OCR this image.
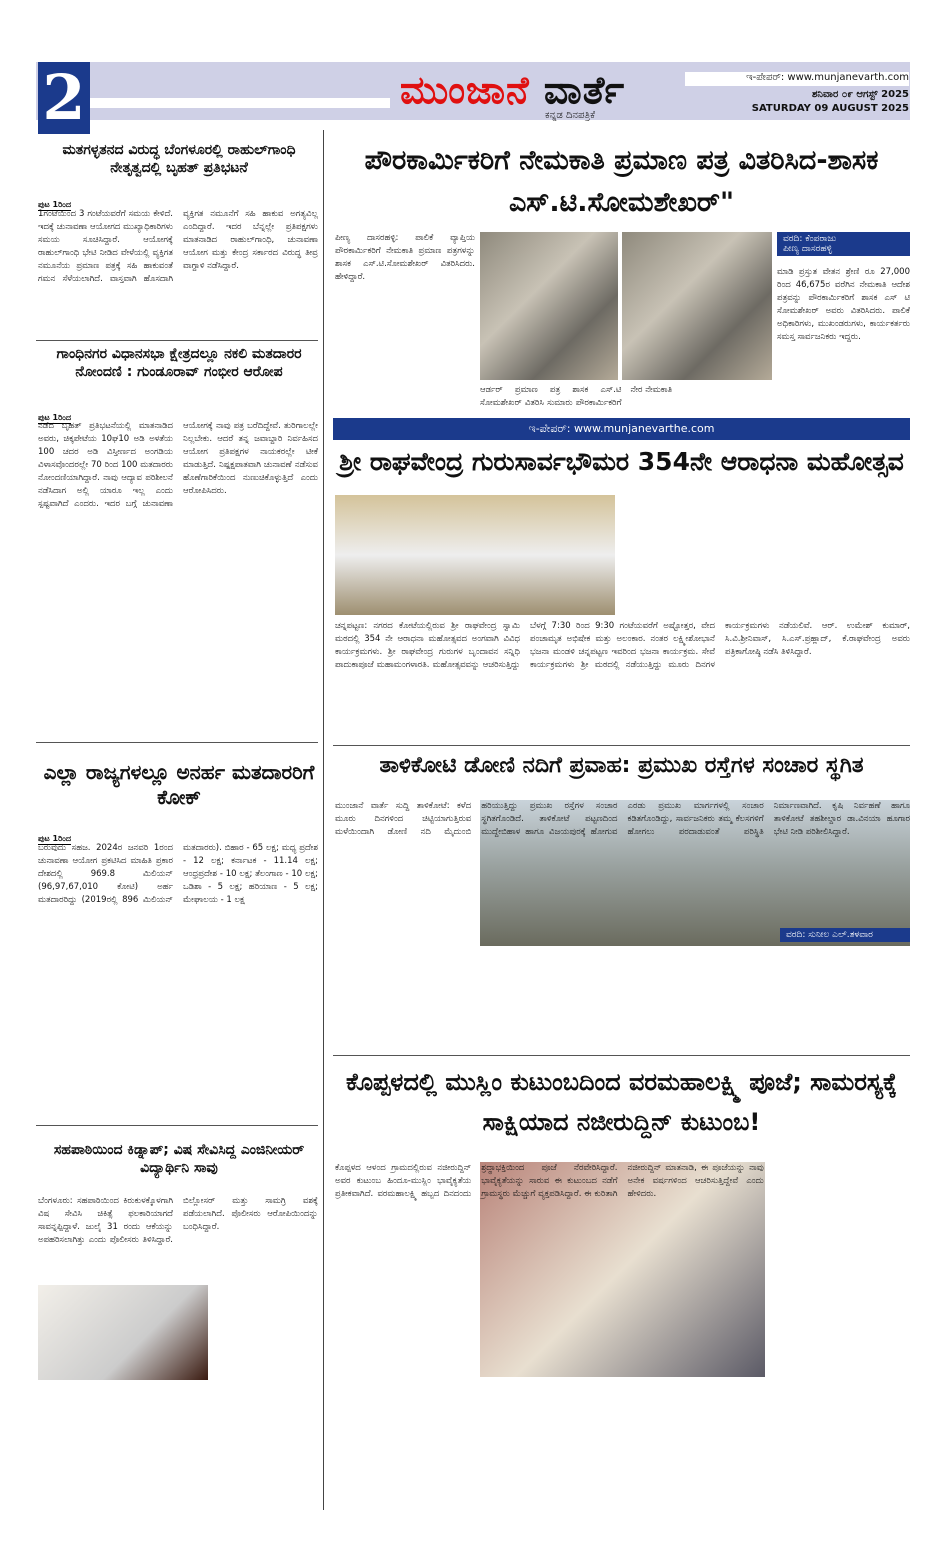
2	ಮುಂಜಾನೆ ವಾರ್ತೆ
ಕನ್ನಡ ದಿನಪತ್ರಿಕೆ
ಇ-ಪೇಪರ್: www.munjanevarth.com
ಶನಿವಾರ ೦೯ ಆಗಸ್ಟ್ 2025
SATURDAY 09 AUGUST 2025
ಮತಗಳ್ಳತನದ ವಿರುದ್ಧ ಬೆಂಗಳೂರಲ್ಲಿ ರಾಹುಲ್‌ಗಾಂಧಿ ನೇತೃತ್ವದಲ್ಲಿ ಬೃಹತ್ ಪ್ರತಿಭಟನೆ
ಪುಟ 1ರಿಂದ
1ಗಂಟೆಯಿಂದ 3 ಗಂಟೆಯವರೆಗೆ ಸಮಯ ಕೇಳಿದೆ. ಇದಕ್ಕೆ ಚುನಾವಣಾ ಆಯೋಗದ ಮುಖ್ಯಾಧಿಕಾರಿಗಳು ಸಮಯ ಸೂಚಿಸಿದ್ದಾರೆ. ಆಯೋಗಕ್ಕೆ ರಾಹುಲ್‌ಗಾಂಧಿ ಭೇಟಿ ನೀಡಿದ ವೇಳೆಯಲ್ಲಿ ವ್ಯಕ್ತಿಗತ ನಮೂನೆಯ ಪ್ರಮಾಣ ಪತ್ರಕ್ಕೆ ಸಹಿ ಹಾಕುವಂತೆ ಗಮನ ಸೆಳೆಯಲಾಗಿದೆ. ವಾಸ್ತವಾಗಿ ಹೊಸದಾಗಿ ವ್ಯಕ್ತಿಗತ ನಮೂನೆಗೆ ಸಹಿ ಹಾಕುವ ಅಗತ್ಯವಿಲ್ಲ ಎಂದಿದ್ದಾರೆ. ಇದರ ಬೆನ್ನಲ್ಲೇ ಪ್ರತಿಪಕ್ಷಗಳು ಮಾತನಾಡಿದ ರಾಹುಲ್‌ಗಾಂಧಿ, ಚುನಾವಣಾ ಆಯೋಗ ಮತ್ತು ಕೇಂದ್ರ ಸರ್ಕಾರದ ವಿರುದ್ಧ ತೀವ್ರ ವಾಗ್ದಾಳಿ ನಡೆಸಿದ್ದಾರೆ.
ಗಾಂಧಿನಗರ ವಿಧಾನಸಭಾ ಕ್ಷೇತ್ರದಲ್ಲೂ ನಕಲಿ ಮತದಾರರ ನೋಂದಣಿ : ಗುಂಡೂರಾವ್ ಗಂಭೀರ ಆರೋಪ
ಪುಟ 1ರಿಂದ
ನಡೆದ ಬೃಹತ್ ಪ್ರತಿಭಟನೆಯಲ್ಲಿ ಮಾತನಾಡಿದ ಅವರು, ಚಿಕ್ಕಪೇಟೆಯ 10ಘ10 ಅಡಿ ಅಳತೆಯ 100 ಚದರ ಅಡಿ ವಿಸ್ತೀರ್ಣದ ಅಂಗಡಿಯ ವಿಳಾಸವೊಂದರಲ್ಲೇ 70 ರಿಂದ 100 ಮತದಾರರು ನೋಂದಣಿಯಾಗಿದ್ದಾರೆ. ನಾವು ಆದ್ಯಾವ ಪರಿಶೀಲನೆ ನಡೆಸಿದಾಗ ಅಲ್ಲಿ ಯಾರೂ ಇಲ್ಲ ಎಂದು ಸ್ಪಷ್ಟವಾಗಿದೆ ಎಂದರು. ಇದರ ಬಗ್ಗೆ ಚುನಾವಣಾ ಆಯೋಗಕ್ಕೆ ನಾವು ಪತ್ರ ಬರೆದಿದ್ದೇವೆ. ತುರಿಗಾಲಲ್ಲೇ ನಿಲ್ಲಬೇಕು. ಆದರೆ ತನ್ನ ಜವಾಬ್ದಾರಿ ನಿರ್ವಹಿಸದ ಆಯೋಗ ಪ್ರತಿಪಕ್ಷಗಳ ನಾಯಕರಲ್ಲೇ ಟೀಕೆ ಮಾಡುತ್ತಿದೆ. ನಿಷ್ಪಕ್ಷಪಾತವಾಗಿ ಚುನಾವಣೆ ನಡೆಸುವ ಹೊಣೆಗಾರಿಕೆಯಿಂದ ನುಣುಚಿಕೊಳ್ಳುತ್ತಿದೆ ಎಂದು ಆರೋಪಿಸಿದರು.
ಎಲ್ಲಾ ರಾಜ್ಯಗಳಲ್ಲೂ ಅನರ್ಹ ಮತದಾರರಿಗೆ ಕೋಕ್
ಪುಟ 1ರಿಂದ
ಬರುವುದು ಸಹಜ. 2024ರ ಜನವರಿ 1ರಂದ ಚುನಾವಣಾ ಆಯೋಗ ಪ್ರಕಟಿಸಿದ ಮಾಹಿತಿ ಪ್ರಕಾರ ದೇಶದಲ್ಲಿ 969.8 ಮಿಲಿಯನ್ (96,97,67,010 ಕೋಟಿ) ಅರ್ಹ ಮತದಾರರಿದ್ದು (2019ರಲ್ಲಿ 896 ಮಿಲಿಯನ್ ಮತದಾರರು). ಬಿಹಾರ - 65 ಲಕ್ಷ; ಮಧ್ಯ ಪ್ರದೇಶ - 12 ಲಕ್ಷ; ಕರ್ನಾಟಕ - 11.14 ಲಕ್ಷ; ಆಂಧ್ರಪ್ರದೇಶ - 10 ಲಕ್ಷ; ತೆಲಂಗಾಣ - 10 ಲಕ್ಷ; ಒಡಿಶಾ - 5 ಲಕ್ಷ; ಹರಿಯಾಣ - 5 ಲಕ್ಷ; ಮೇಘಾಲಯ - 1 ಲಕ್ಷ
ಸಹಪಾಠಿಯಿಂದ ಕಿಡ್ನಾಪ್; ವಿಷ ಸೇವಿಸಿದ್ದ ಎಂಜಿನೀಯರ್ ವಿದ್ಯಾರ್ಥಿನಿ ಸಾವು
ಬೆಂಗಳೂರು: ಸಹಪಾಠಿಯಿಂದ ಕಿರುಕುಳಕ್ಕೊಳಗಾಗಿ ವಿಷ ಸೇವಿಸಿ ಚಿಕಿತ್ಸೆ ಫಲಕಾರಿಯಾಗದೆ ಸಾವನ್ನಪ್ಪಿದ್ದಾಳೆ. ಜುಲೈ 31 ರಂದು ಆಕೆಯನ್ನು ಅಪಹರಿಸಲಾಗಿತ್ತು ಎಂದು ಪೊಲೀಸರು ತಿಳಿಸಿದ್ದಾರೆ. ಬಿಲ್ಲೋಸರ್ ಮತ್ತು ಸಾಮಗ್ರಿ ವಶಕ್ಕೆ ಪಡೆಯಲಾಗಿದೆ. ಪೊಲೀಸರು ಆರೋಪಿಯಿಂದನ್ನು ಬಂಧಿಸಿದ್ದಾರೆ.
ಪೌರಕಾರ್ಮಿಕರಿಗೆ ನೇಮಕಾತಿ ಪ್ರಮಾಣ ಪತ್ರ ವಿತರಿಸಿದ-ಶಾಸಕ ಎಸ್.ಟಿ.ಸೋಮಶೇಖರ್"
ಪೀಣ್ಯ ದಾಸರಹಳ್ಳಿ: ಪಾಲಿಕೆ ವ್ಯಾಪ್ತಿಯ ಪೌರಕಾರ್ಮಿಕರಿಗೆ ನೇಮಕಾತಿ ಪ್ರಮಾಣ ಪತ್ರಗಳನ್ನು ಶಾಸಕ ಎಸ್.ಟಿ.ಸೋಮಶೇಖರ್ ವಿತರಿಸಿದರು. ಹೇಳಿದ್ದಾರೆ.
ಆರ್ಡರ್ ಪ್ರಮಾಣ ಪತ್ರ ಶಾಸಕ ಎಸ್.ಟಿ ಸೋಮಶೇಖರ್ ವಿತರಿಸಿ ಸುಮಾರು ಪೌರಕಾರ್ಮಿಕರಿಗೆ ನೇರ ನೇಮಕಾತಿ
ವರದಿ: ಕೆಂಪರಾಜು
ಪೀಣ್ಯ ದಾಸರಹಳ್ಳಿ
ಮಾಡಿ ಪ್ರಸ್ತುತ ವೇತನ ಶ್ರೇಣಿ ರೂ 27,000 ರಿಂದ 46,675ರ ವರೆಗಿನ ನೇಮಕಾತಿ ಆದೇಶ ಪತ್ರವನ್ನು ಪೌರಕಾರ್ಮಿಕರಿಗೆ ಶಾಸಕ ಎಸ್ ಟಿ ಸೋಮಶೇಖರ್ ಅವರು ವಿತರಿಸಿದರು. ಪಾಲಿಕೆ ಅಧಿಕಾರಿಗಳು, ಮುಖಂಡರುಗಳು, ಕಾರ್ಯಕರ್ತರು ಸಮಸ್ತ ಸಾರ್ವಜನಿಕರು ಇದ್ದರು.
ಇ-ಪೇಪರ್: www.munjanevarthe.com
ಶ್ರೀ ರಾಘವೇಂದ್ರ ಗುರುಸಾರ್ವಭೌಮರ 354ನೇ ಆರಾಧನಾ ಮಹೋತ್ಸವ
ಚನ್ನಪಟ್ಟಣ: ನಗರದ ಕೋಟೆಯಲ್ಲಿರುವ ಶ್ರೀ ರಾಘವೇಂದ್ರ ಸ್ವಾಮಿ ಮಠದಲ್ಲಿ 354 ನೇ ಆರಾಧನಾ ಮಹೋತ್ಸವದ ಅಂಗವಾಗಿ ವಿವಿಧ ಕಾರ್ಯಕ್ರಮಗಳು. ಶ್ರೀ ರಾಘವೇಂದ್ರ ಗುರುಗಳ ಬೃಂದಾವನ ಸನ್ನಿಧಿ ಪಾದುಕಾಪೂಜೆ ಮಹಾಮಂಗಳಾರತಿ. ಮಹೋತ್ಸವವನ್ನು ಆಚರಿಸುತ್ತಿದ್ದು ಬೆಳಗ್ಗೆ 7:30 ರಿಂದ 9:30 ಗಂಟೆಯವರೆಗೆ ಅಷ್ಟೋತ್ತರ, ವೇದ ಪಂಚಾಮೃತ ಅಭಿಷೇಕ ಮತ್ತು ಅಲಂಕಾರ. ನಂತರ ಲಕ್ಷ್ಮೀಶೋಭಾನೆ ಭಜನಾ ಮಂಡಳಿ ಚನ್ನಪಟ್ಟಣ ಇವರಿಂದ ಭಜನಾ ಕಾರ್ಯಕ್ರಮ. ಸೇವೆ ಕಾರ್ಯಕ್ರಮಗಳು ಶ್ರೀ ಮಠದಲ್ಲಿ ನಡೆಯುತ್ತಿದ್ದು ಮೂರು ದಿನಗಳ ಕಾರ್ಯಕ್ರಮಗಳು ನಡೆಯಲಿವೆ. ಆರ್. ಉಮೇಶ್ ಕುಮಾರ್, ಸಿ.ವಿ.ಶ್ರೀನಿವಾಸ್, ಸಿ.ಎಸ್.ಪ್ರಹ್ಲಾದ್, ಕೆ.ರಾಘವೇಂದ್ರ ಅವರು ಪತ್ರಿಕಾಗೋಷ್ಠಿ ನಡೆಸಿ ತಿಳಿಸಿದ್ದಾರೆ.
ತಾಳಿಕೋಟಿ ಡೋಣಿ ನದಿಗೆ ಪ್ರವಾಹ: ಪ್ರಮುಖ ರಸ್ತೆಗಳ ಸಂಚಾರ ಸ್ಥಗಿತ
ವರದಿ: ಸುನೀಲ ಎಲ್.ತಳವಾರ
ಮುಂಜಾನೆ ವಾರ್ತೆ ಸುದ್ದಿ ತಾಳಿಕೋಟೆ: ಕಳೆದ ಮೂರು ದಿನಗಳಿಂದ ಚಿಟ್ಟಿಯಾಗುತ್ತಿರುವ ಮಳೆಯಿಂದಾಗಿ ಡೋಣಿ ನದಿ ಮೈದುಂಬಿ ಹರಿಯುತ್ತಿದ್ದು ಪ್ರಮುಖ ರಸ್ತೆಗಳ ಸಂಚಾರ ಸ್ಥಗಿತಗೊಂಡಿದೆ. ತಾಳಿಕೋಟೆ ಪಟ್ಟಣದಿಂದ ಮುದ್ದೇಬಿಹಾಳ ಹಾಗೂ ವಿಜಯಪುರಕ್ಕೆ ಹೋಗುವ ಎರಡು ಪ್ರಮುಖ ಮಾರ್ಗಗಳಲ್ಲಿ ಸಂಚಾರ ಕಡಿತಗೊಂಡಿದ್ದು, ಸಾರ್ವಜನಿಕರು ತಮ್ಮ ಕೆಲಸಗಳಿಗೆ ಹೋಗಲು ಪರದಾಡುವಂತೆ ಪರಿಸ್ಥಿತಿ ನಿರ್ಮಾಣವಾಗಿದೆ. ಕೃಷಿ ನಿರ್ವಹಣೆ ಹಾಗೂ ತಾಳಿಕೋಟೆ ತಹಶೀಲ್ದಾರ ಡಾ.ವಿನಯಾ ಹೂಗಾರ ಭೇಟಿ ನೀಡಿ ಪರಿಶೀಲಿಸಿದ್ದಾರೆ.
ಕೊಪ್ಪಳದಲ್ಲಿ ಮುಸ್ಲಿಂ ಕುಟುಂಬದಿಂದ ವರಮಹಾಲಕ್ಷ್ಮಿ ಪೂಜೆ; ಸಾಮರಸ್ಯಕ್ಕೆ ಸಾಕ್ಷಿಯಾದ ನಜೀರುದ್ದಿನ್ ಕುಟುಂಬ!
ಕೊಪ್ಪಳದ ಆಳಂದ ಗ್ರಾಮದಲ್ಲಿರುವ ನಜೀರುದ್ದಿನ್ ಅವರ ಕುಟುಂಬ ಹಿಂದೂ-ಮುಸ್ಲಿಂ ಭಾವೈಕ್ಯತೆಯ ಪ್ರತೀಕವಾಗಿದೆ. ವರಮಹಾಲಕ್ಷ್ಮಿ ಹಬ್ಬದ ದಿನದಂದು ಶ್ರದ್ಧಾಭಕ್ತಿಯಿಂದ ಪೂಜೆ ನೆರವೇರಿಸಿದ್ದಾರೆ. ಭಾವೈಕ್ಯತೆಯನ್ನು ಸಾರುವ ಈ ಕುಟುಂಬದ ನಡೆಗೆ ಗ್ರಾಮಸ್ಥರು ಮೆಚ್ಚುಗೆ ವ್ಯಕ್ತಪಡಿಸಿದ್ದಾರೆ. ಈ ಕುರಿತಾಗಿ ನಜೀರುದ್ದಿನ್ ಮಾತನಾಡಿ, ಈ ಪೂಜೆಯನ್ನು ನಾವು ಅನೇಕ ವರ್ಷಗಳಿಂದ ಆಚರಿಸುತ್ತಿದ್ದೇವೆ ಎಂದು ಹೇಳಿದರು.
